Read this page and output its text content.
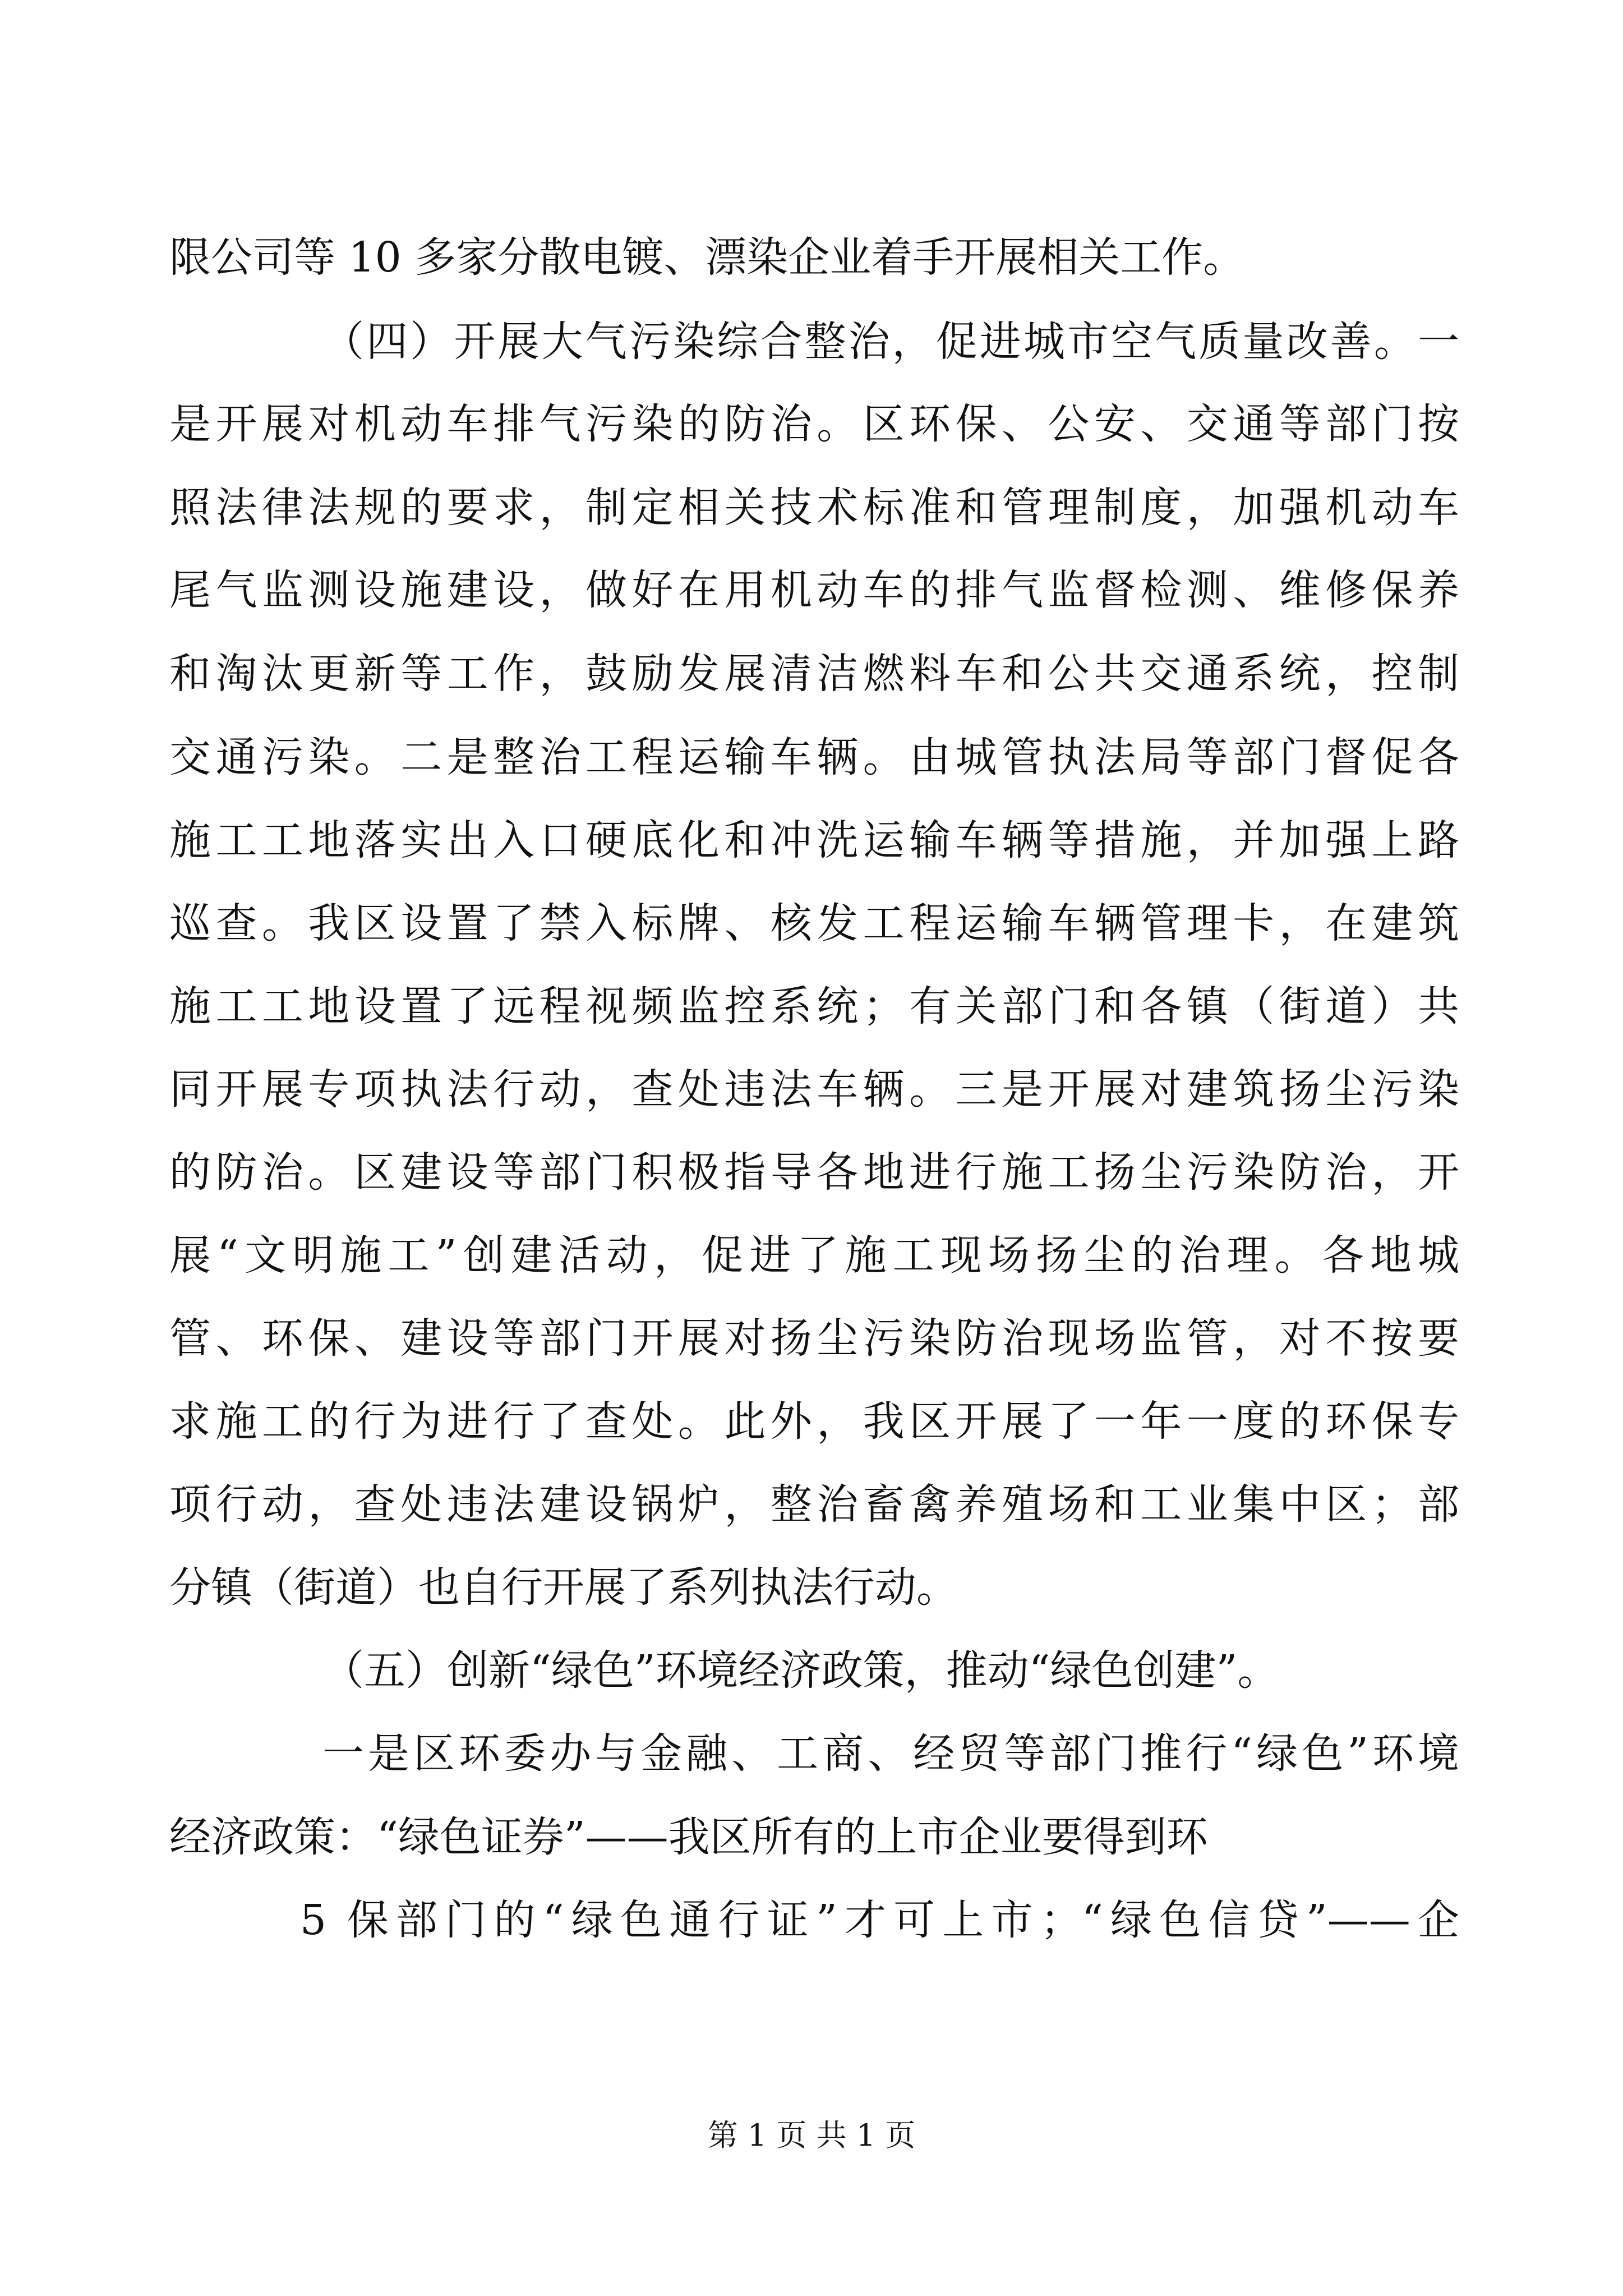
限公司等 10 多家分散电镀、漂染企业着手开展相关工作。
（四）开展大气污染综合整治，促进城市空气质量改善。一
是开展对机动车排气污染的防治。区环保、公安、交通等部门按
照法律法规的要求，制定相关技术标准和管理制度，加强机动车
尾气监测设施建设，做好在用机动车的排气监督检测、维修保养
和淘汰更新等工作，鼓励发展清洁燃料车和公共交通系统，控制
交通污染。二是整治工程运输车辆。由城管执法局等部门督促各
施工工地落实出入口硬底化和冲洗运输车辆等措施，并加强上路
巡查。我区设置了禁入标牌、核发工程运输车辆管理卡，在建筑
施工工地设置了远程视频监控系统；有关部门和各镇（街道）共
同开展专项执法行动，查处违法车辆。三是开展对建筑扬尘污染
的防治。区建设等部门积极指导各地进行施工扬尘污染防治，开
展“文明施工”创建活动，促进了施工现场扬尘的治理。各地城
管、环保、建设等部门开展对扬尘污染防治现场监管，对不按要
求施工的行为进行了查处。此外，我区开展了一年一度的环保专
项行动，查处违法建设锅炉，整治畜禽养殖场和工业集中区；部
分镇（街道）也自行开展了系列执法行动。
（五）创新“绿色”环境经济政策，推动“绿色创建”。
一是区环委办与金融、工商、经贸等部门推行“绿色”环境
经济政策：“绿色证券”——我区所有的上市企业要得到环
5 保部门的“绿色通行证”才可上市；“绿色信贷”——企
第 1 页 共 1 页
